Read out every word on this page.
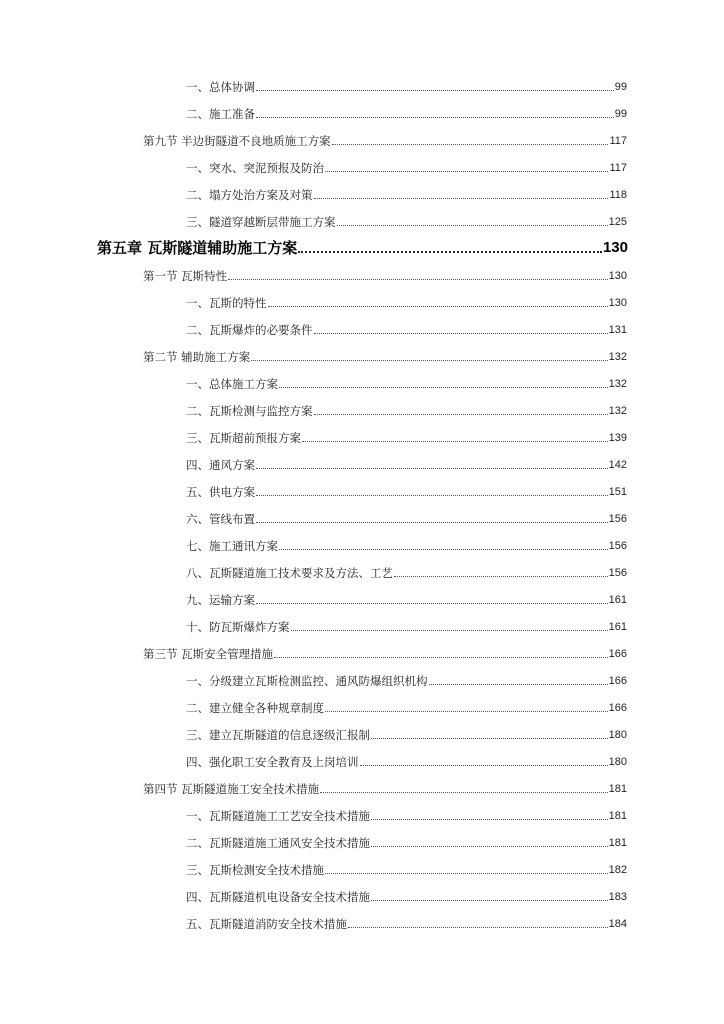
一、总体协调	99
二、施工准备	99
第九节 半边街隧道不良地质施工方案	117
一、突水、突泥预报及防治	117
二、塌方处治方案及对策	118
三、隧道穿越断层带施工方案	125
第五章 瓦斯隧道辅助施工方案	130
第一节 瓦斯特性	130
一、瓦斯的特性	130
二、瓦斯爆炸的必要条件	131
第二节 辅助施工方案	132
一、总体施工方案	132
二、瓦斯检测与监控方案	132
三、瓦斯超前预报方案	139
四、通风方案	142
五、供电方案	151
六、管线布置	156
七、施工通讯方案	156
八、瓦斯隧道施工技术要求及方法、工艺	156
九、运输方案	161
十、防瓦斯爆炸方案	161
第三节 瓦斯安全管理措施	166
一、分级建立瓦斯检测监控、通风防爆组织机构	166
二、建立健全各种规章制度	166
三、建立瓦斯隧道的信息逐级汇报制	180
四、强化职工安全教育及上岗培训	180
第四节 瓦斯隧道施工安全技术措施	181
一、瓦斯隧道施工工艺安全技术措施	181
二、瓦斯隧道施工通风安全技术措施	181
三、瓦斯检测安全技术措施	182
四、瓦斯隧道机电设备安全技术措施	183
五、瓦斯隧道消防安全技术措施	184
